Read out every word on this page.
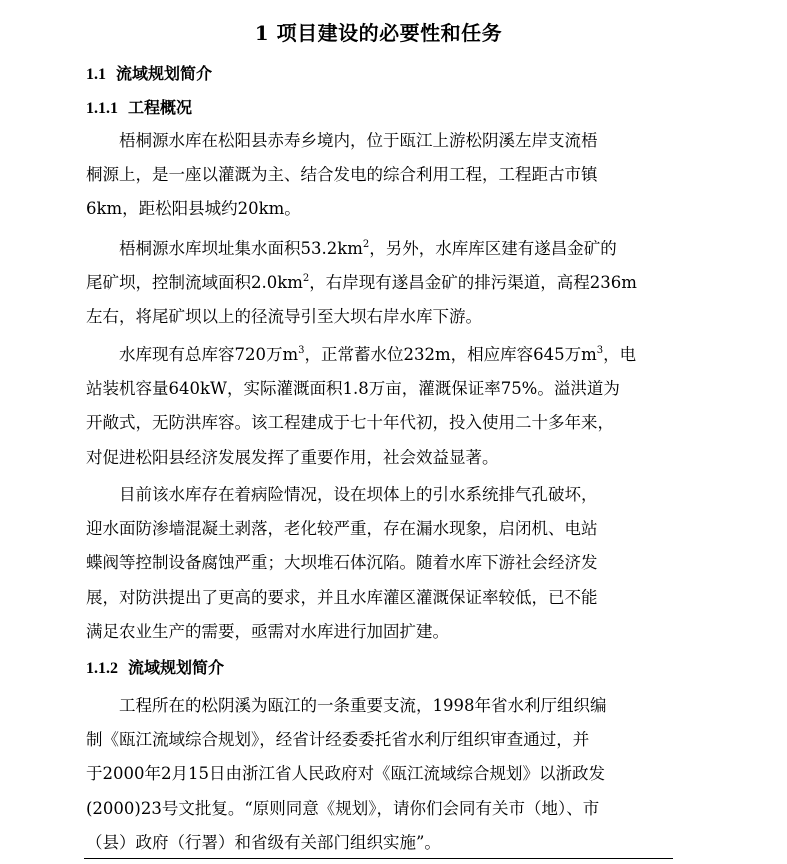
1 项目建设的必要性和任务
1.1 流域规划简介
1.1.1 工程概况
梧桐源水库在松阳县赤寿乡境内，位于瓯江上游松阴溪左岸支流梧
桐源上，是一座以灌溉为主、结合发电的综合利用工程，工程距古市镇
6km，距松阳县城约20km。
梧桐源水库坝址集水面积$53.2km^2$，另外，水库库区建有遂昌金矿的
尾矿坝，控制流域面积$2.0km^2$，右岸现有遂昌金矿的排污渠道，高程236m
左右，将尾矿坝以上的径流导引至大坝右岸水库下游。
水库现有总库容720万$m^3$，正常蓄水位232m，相应库容645万$m^3$，电
站装机容量640kW，实际灌溉面积1.8万亩，灌溉保证率75%。溢洪道为
开敞式，无防洪库容。该工程建成于七十年代初，投入使用二十多年来，
对促进松阳县经济发展发挥了重要作用，社会效益显著。
目前该水库存在着病险情况，设在坝体上的引水系统排气孔破坏，
迎水面防渗墙混凝土剥落，老化较严重，存在漏水现象，启闭机、电站
蝶阀等控制设备腐蚀严重；大坝堆石体沉陷。随着水库下游社会经济发
展，对防洪提出了更高的要求，并且水库灌区灌溉保证率较低，已不能
满足农业生产的需要，亟需对水库进行加固扩建。
1.1.2 流域规划简介
工程所在的松阴溪为瓯江的一条重要支流，1998年省水利厅组织编
制《瓯江流域综合规划》，经省计经委委托省水利厅组织审查通过，并
于2000年2月15日由浙江省人民政府对《瓯江流域综合规划》以浙政发
(2000)23号文批复。“原则同意《规划》，请你们会同有关市（地）、市
（县）政府（行署）和省级有关部门组织实施”。
